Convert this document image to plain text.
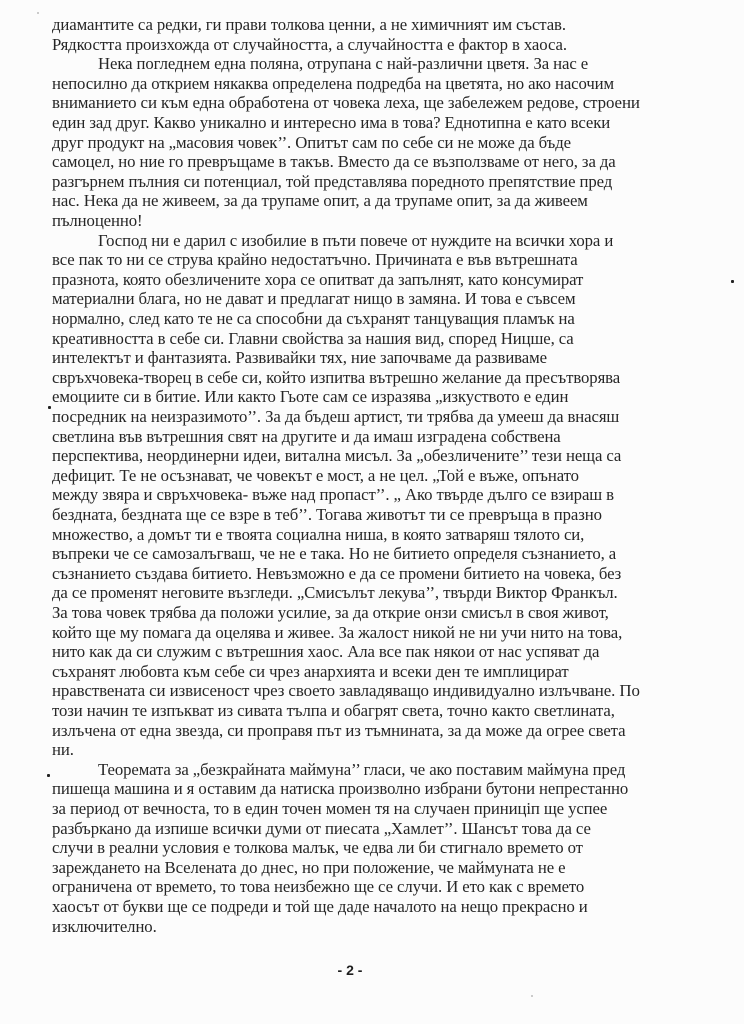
диамантите са редки, ги прави толкова ценни, а не химичният им състав.
Рядкостта произхожда от случайността, а случайността е фактор в хаоса.
Нека погледнем една поляна, отрупана с най-различни цветя. За нас е
непосилно да открием някаква определена подредба на цветята, но ако насочим
вниманието си към една обработена от човека леха, ще забележем редове, строени
един зад друг. Какво уникално и интересно има в това? Еднотипна е като всеки
друг продукт на „масовия човек’’. Опитът сам по себе си не може да бъде
самоцел, но ние го превръщаме в такъв. Вместо да се възползваме от него, за да
разгърнем пълния си потенциал, той представлява поредното препятствие пред
нас. Нека да не живеем, за да трупаме опит, а да трупаме опит, за да живеем
пълноценно!
Господ ни е дарил с изобилие в пъти повече от нуждите на всички хора и
все пак то ни се струва крайно недостатъчно. Причината е във вътрешната
празнота, която обезличените хора се опитват да запълнят, като консумират
материални блага, но не дават и предлагат нищо в замяна. И това е съвсем
нормално, след като те не са способни да съхранят танцуващия пламък на
креативността в себе си. Главни свойства за нашия вид, според Ницше, са
интелектът и фантазията. Развивайки тях, ние започваме да развиваме
свръхчовека-творец в себе си, който изпитва вътрешно желание да пресътворява
емоциите си в битие. Или както Гьоте сам се изразява „изкуството е един
посредник на неизразимото’’. За да бъдеш артист, ти трябва да умееш да внасяш
светлина във вътрешния свят на другите и да имаш изградена собствена
перспектива, неординерни идеи, витална мисъл. За „обезличените’’ тези неща са
дефицит. Те не осъзнават, че човекът е мост, а не цел. „Той е въже, опънато
между звяра и свръхчовека- въже над пропаст’’. „ Ако твърде дълго се взираш в
бездната, бездната ще се взре в теб’’. Тогава животът ти се превръща в празно
множество, а домът ти е твоята социална ниша, в която затваряш тялото си,
въпреки че се самозалъгваш, че не е така. Но не битието определя съзнанието, а
съзнанието създава битието. Невъзможно е да се промени битието на човека, без
да се променят неговите възгледи. „Смисълът лекува’’, твърди Виктор Франкъл.
За това човек трябва да положи усилие, за да открие онзи смисъл в своя живот,
който ще му помага да оцелява и живее. За жалост никой не ни учи нито на това,
нито как да си служим с вътрешния хаос. Ала все пак някои от нас успяват да
съхранят любовта към себе си чрез анархията и всеки ден те имплицират
нравствената си извисеност чрез своето завладяващо индивидуално излъчване. По
този начин те изпъкват из сивата тълпа и обагрят света, точно както светлината,
излъчена от една звезда, си проправя път из тъмнината, за да може да огрее света
ни.
Теоремата за „безкрайната маймуна’’ гласи, че ако поставим маймуна пред
пишеща машина и я оставим да натиска произволно избрани бутони непрестанно
за период от вечноста, то в един точен момен тя на случаен приниціп ще успее
разбъркано да изпише всички думи от пиесата „Хамлет’’. Шансът това да се
случи в реални условия е толкова малък, че едва ли би стигнало времето от
зареждането на Вселената до днес, но при положение, че маймуната не е
ограничена от времето, то това неизбежно ще се случи. И ето как с времето
хаосът от букви ще се подреди и той ще даде началото на нещо прекрасно и
изключително.
- 2 -
